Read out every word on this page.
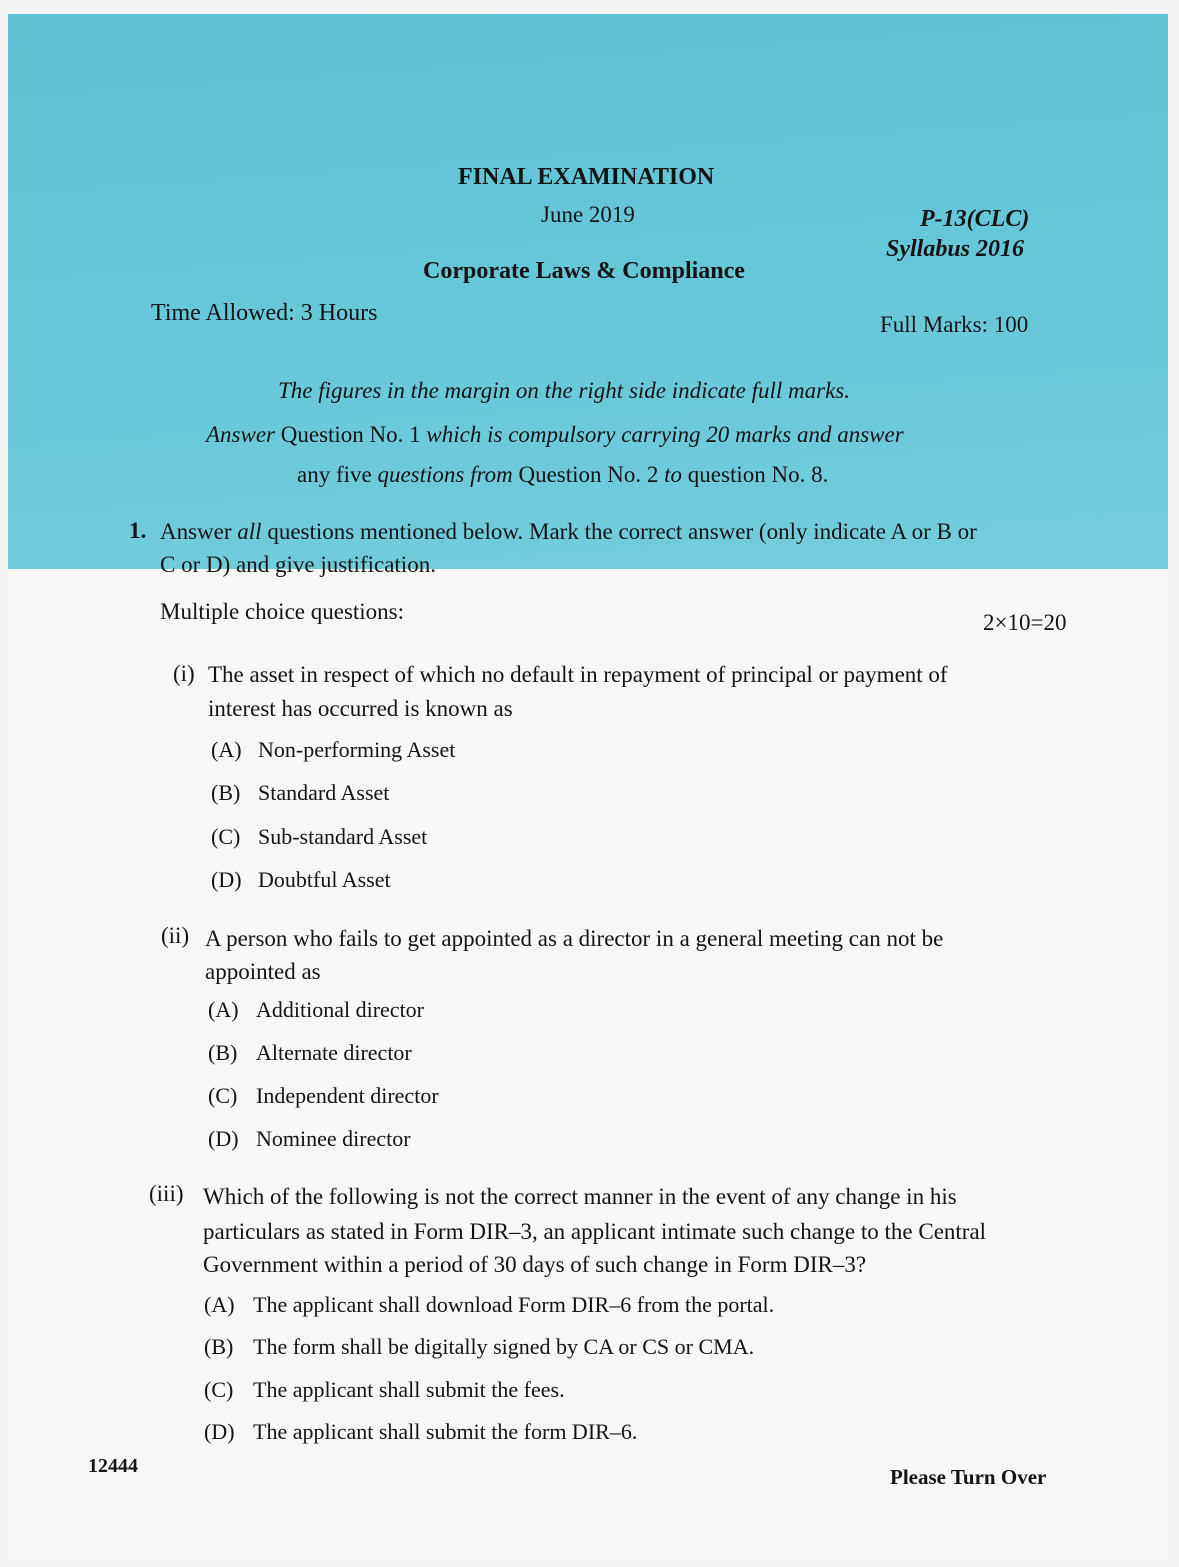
FINAL EXAMINATION
June 2019	P-13(CLC)
Syllabus 2016
Corporate Laws & Compliance
Time Allowed: 3 Hours	Full Marks: 100
The figures in the margin on the right side indicate full marks.
Answer Question No. 1 which is compulsory carrying 20 marks and answer
any five questions from Question No. 2 to question No. 8.
1. Answer all questions mentioned below. Mark the correct answer (only indicate A or B or
C or D) and give justification.
Multiple choice questions:	2×10=20
(i) The asset in respect of which no default in repayment of principal or payment of
interest has occurred is known as
(A) Non-performing Asset
(B) Standard Asset
(C) Sub-standard Asset
(D) Doubtful Asset
(ii) A person who fails to get appointed as a director in a general meeting can not be
appointed as
(A) Additional director
(B) Alternate director
(C) Independent director
(D) Nominee director
(iii) Which of the following is not the correct manner in the event of any change in his
particulars as stated in Form DIR–3, an applicant intimate such change to the Central
Government within a period of 30 days of such change in Form DIR–3?
(A) The applicant shall download Form DIR–6 from the portal.
(B) The form shall be digitally signed by CA or CS or CMA.
(C) The applicant shall submit the fees.
(D) The applicant shall submit the form DIR–6.
12444	Please Turn Over
